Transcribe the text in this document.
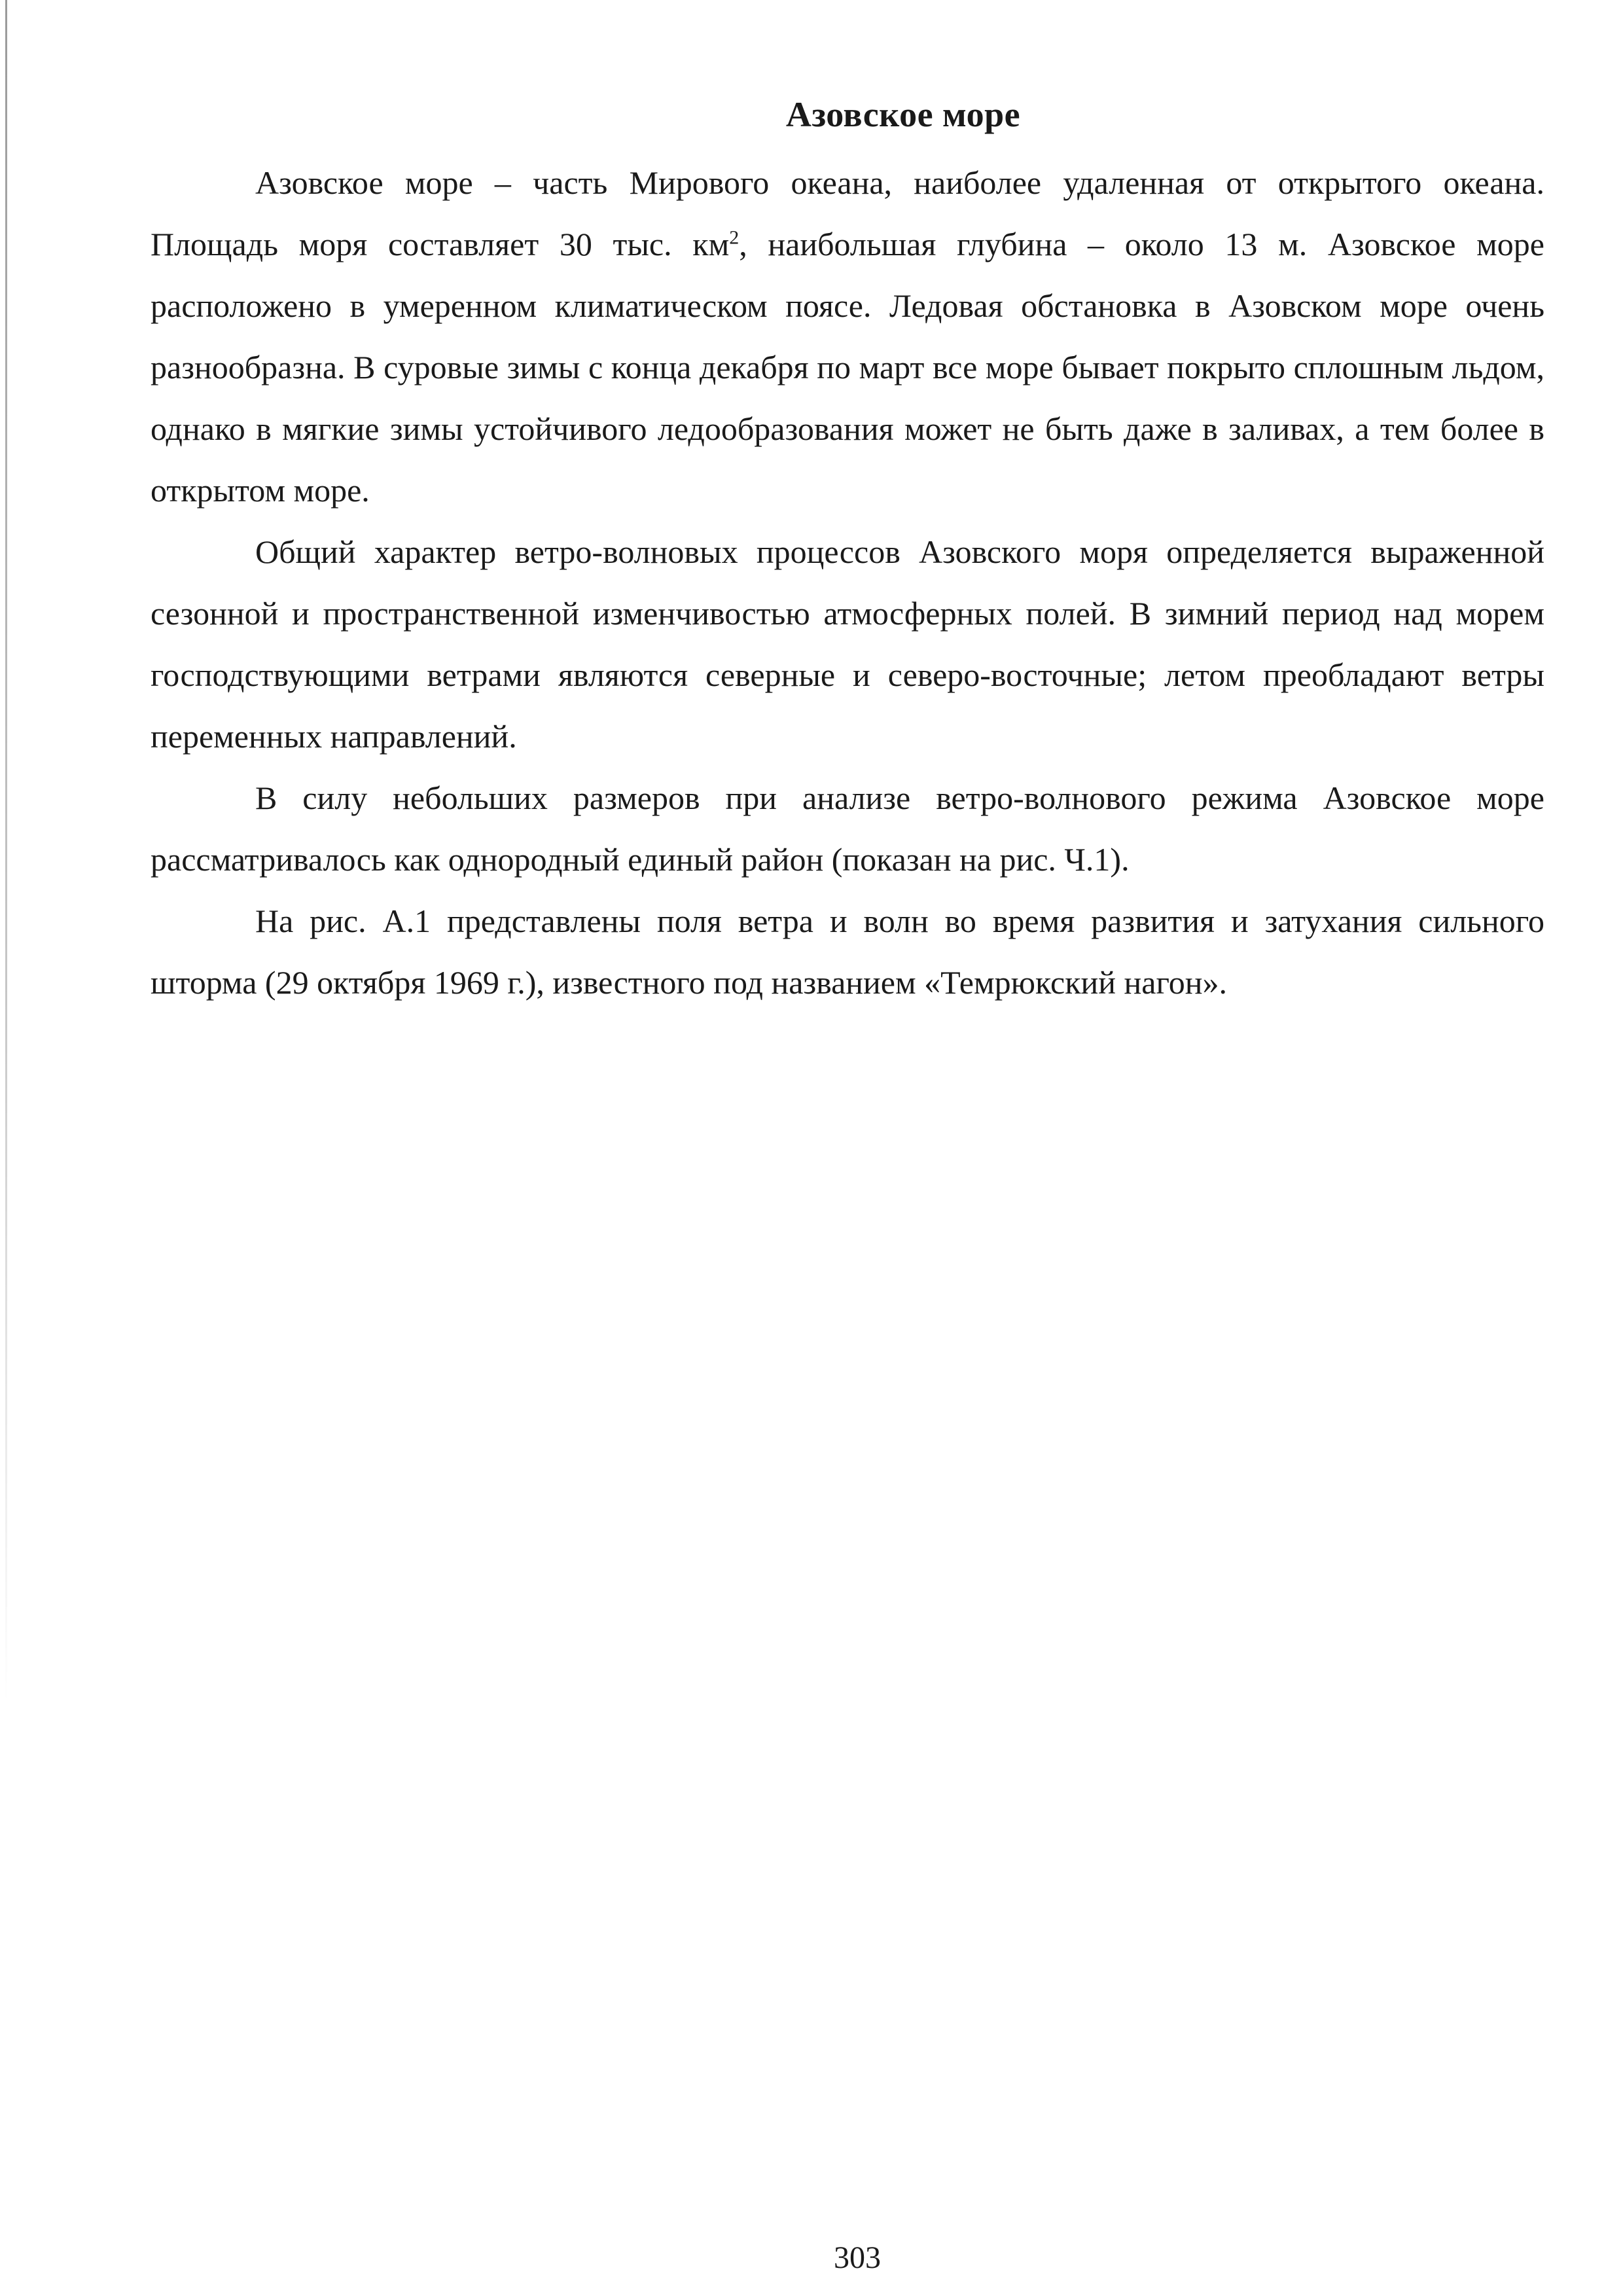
Азовское море

Азовское море – часть Мирового океана, наиболее удаленная от открытого океана. Площадь моря составляет 30 тыс. $км^2$, наибольшая глубина – около 13 м. Азовское море расположено в умеренном климатическом поясе. Ледовая обстановка в Азовском море очень разнообразна. В суровые зимы с конца декабря по март все море бывает покрыто сплошным льдом, однако в мягкие зимы устойчивого ледообразования может не быть даже в заливах, а тем более в открытом море.

Общий характер ветро-волновых процессов Азовского моря определяется выраженной сезонной и пространственной изменчивостью атмосферных полей. В зимний период над морем господствующими ветрами являются северные и северо-восточные; летом преобладают ветры переменных направлений.

В силу небольших размеров при анализе ветро-волнового режима Азовское море рассматривалось как однородный единый район (показан на рис. Ч.1).

На рис. А.1 представлены поля ветра и волн во время развития и затухания сильного шторма (29 октября 1969 г.), известного под названием «Темрюкский нагон».

303
